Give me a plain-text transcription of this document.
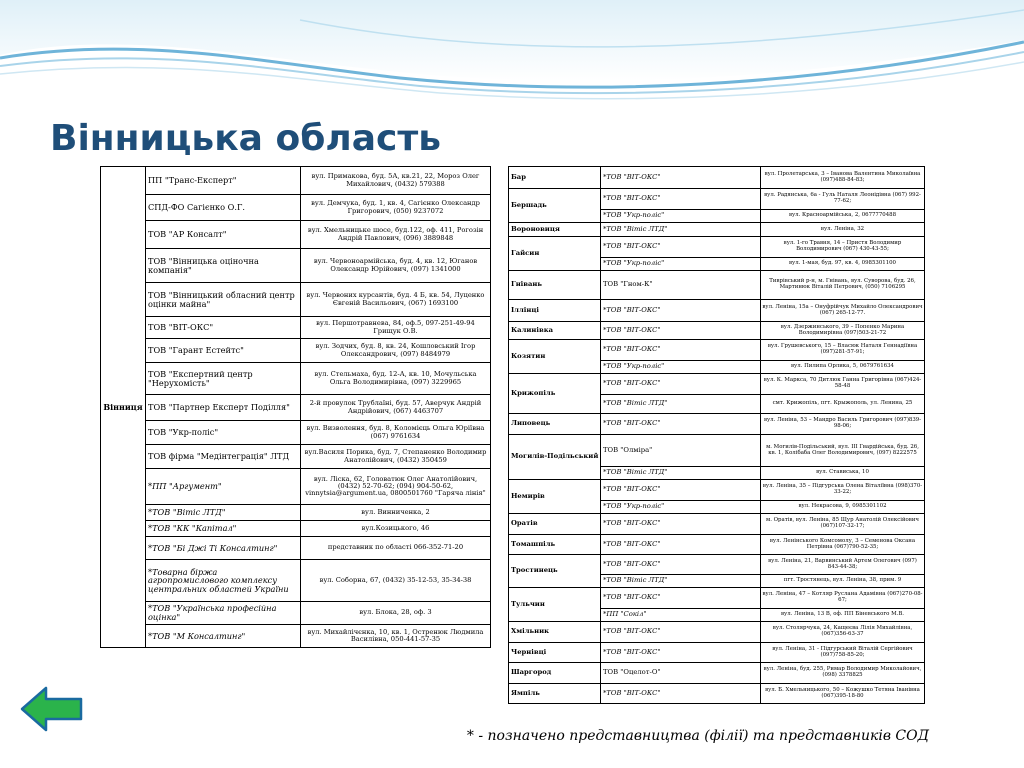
Вінницька область
Вінниця	ПП "Транс-Експерт"	вул. Примакова, буд. 5А, кв.21, 22, Мороз Олег Михайлович, (0432) 579388
	СПД-ФО Сагієнко О.Г.	вул. Демчука, буд. 1, кв. 4, Сагієнко Олександр Григорович, (050) 9237072
	ТОВ "АР Консалт"	вул. Хмельницьке шосе, буд.122, оф. 411, Рогозін Андрій Павлович, (096) 3889848
	ТОВ "Вінницька оціночна компанія"	вул. Червоноармійська, буд. 4, кв. 12, Юганов Олександр Юрійович, (097) 1341000
	ТОВ "Вінницький обласний центр оцінки майна"	вул. Червоних курсантів, буд. 4 Б, кв. 54, Луценко Євгеній Васильович, (067) 1693100
	ТОВ "ВІТ-ОКС"	вул. Першотравнева, 84, оф.5, 097-251-49-94 Грищук О.В.
	ТОВ "Гарант Естейтс"	вул. Зодчих, буд. 8, кв. 24, Кошловський Ігор Олександрович, (097) 8484979
	ТОВ "Експертний центр "Нерухомість"	вул. Стельмаха, буд. 12-А, кв. 10, Мочульська Ольга Володимирівна, (097) 3229965
	ТОВ "Партнер Експерт Поділля"	2-й провулок Трублаїні, буд. 57, Аверчук Андрій Андрійович, (067) 4463707
	ТОВ "Укр-поліс"	вул. Визволення, буд. 8, Коломієць Ольга Юріївна (067) 9761634
	ТОВ фірма "Медінтеграція" ЛТД	вул.Василя Порика, буд. 7, Степаненко Володимир Анатолійович, (0432) 350459
	*ПП "Аргумент"	вул. Ліска, 62, Головатюк Олег Анатолійович, (0432) 52-70-62; (094) 904-50-62, vinnytsia@argument.ua, 0800501760 "Гаряча лінія"
	*ТОВ "Вітіс ЛТД"	вул. Винниченка, 2
	*ТОВ "КК "Капітал"	вул.Козицького, 46
	*ТОВ "Бі Джі Ті Консалтинг"	представник по області 066-352-71-20
	*Товарна біржа агропромислового комплексу центральних областей України	вул. Соборна, 67, (0432) 35-12-53, 35-34-38
	*ТОВ "Українська професійна оцінка"	вул. Блока, 28, оф. 3
	*ТОВ "М Консалтинг"	вул. Михайлічєнка, 10, кв. 1, Остренюк Людмила Василівна, 050-441-57-35
Бар	*ТОВ "ВІТ-ОКС"	вул. Пролетарська, 3 – Іванова Валентина Миколаївна (097)488-84-83;
Бершадь	*ТОВ "ВІТ-ОКС"	вул. Радянська, 6а - Гуль Наталя Леонідівна (067) 992-77-62;
	*ТОВ "Укр-поліс"	вул. Красноармійська, 2, 0677770488
Вороновиця	*ТОВ "Вітіс ЛТД"	вул. Леніна, 32
Гайсин	*ТОВ "ВІТ-ОКС"	вул. 1-го Травня, 14 – Пристя Володимир Володимирович (067) 430-43-55;
	*ТОВ "Укр-поліс"	вул. 1-мая, буд. 97, кв. 4, 0985301100
Гнівань	ТОВ "Гном-К"	Тиврівський р-н, м. Гнівань, вул. Суворова, буд. 26, Мартинюк Віталій Петрович, (050) 7106295
Іллінці	*ТОВ "ВІТ-ОКС"	вул. Леніна, 15а – Онуфрійчук Михайло Олександрович (067) 265-12-77.
Калинівка	*ТОВ "ВІТ-ОКС"	вул. Дзержинського, 39 – Попенко Марина Володимирівна (097)503-21-72
Козятин	*ТОВ "ВІТ-ОКС"	вул. Грушевського, 15 – Власюк Наталя Геннадіївна (097)281-57-91;
	*ТОВ "Укр-поліс"	вул. Пилипа Орлика, 5, 0679761634
Крижопіль	*ТОВ "ВІТ-ОКС"	вул. К. Маркса, 70 Дитлюк Ганна Григорівна (067)424-58-48
	*ТОВ "Вітіс ЛТД"	смт. Крижопіль, пгт. Крыжополь, ул. Ленина, 25
Липовець	*ТОВ "ВІТ-ОКС"	вул. Леніна, 53 – Мандро Василь Григорович (097)839-98-06;
Могилів-Подільський	ТОВ "Олміра"	м. Могилів-Подільський, вул. ІІІ Гвардійська, буд. 26, кв. 1, Колібаба Олег Володимирович, (097) 8222575
	*ТОВ "Вітіс ЛТД"	вул. Стависька, 10
Немирів	*ТОВ "ВІТ-ОКС"	вул. Леніна, 35 – Підгурська Олена Віталіївна (098)370-33-22;
	*ТОВ "Укр-поліс"	вул. Некрасова, 9, 0985301102
Оратів	*ТОВ "ВІТ-ОКС"	м. Оратів, вул. Леніна, 85 Щур Анатолій Олексійович (067)107-32-17;
Томашпіль	*ТОВ "ВІТ-ОКС"	вул. Ленінського Комсомолу, 3 – Семенова Оксана Петрівна (067)790-52-35;
Тростинець	*ТОВ "ВІТ-ОКС"	вул. Леніна, 21, Варвинський Артем Олегович (097) 843-44-38;
	*ТОВ "Вітіс ЛТД"	пгт. Тростянець, вул. Леніна, 38, прим. 9
Тульчин	*ТОВ "ВІТ-ОКС"	вул. Леніна, 47 – Котляр Руслана Адамівна (067)270-08-67;
	*ПП "Сокіл"	вул. Леніна, 13 В, оф. ПП Біневського М.В.
Хмільник	*ТОВ "ВІТ-ОКС"	вул. Столярчука, 24, Кащеєва Лілія Михайлівна, (067)356-63-37
Чернівці	*ТОВ "ВІТ-ОКС"	вул. Леніна, 31 - Підгурський Віталій Сергійович (097)758-85-20;
Шаргород	ТОВ "Оцелот-О"	вул. Леніна, буд. 255, Римар Володимир Миколайович, (098) 3378825
Ямпіль	*ТОВ "ВІТ-ОКС"	вул. Б. Хмельницького, 50 – Кожушко Тетяна Іванівна (067)395-18-80
* - позначено представництва (філії) та представників СОД
